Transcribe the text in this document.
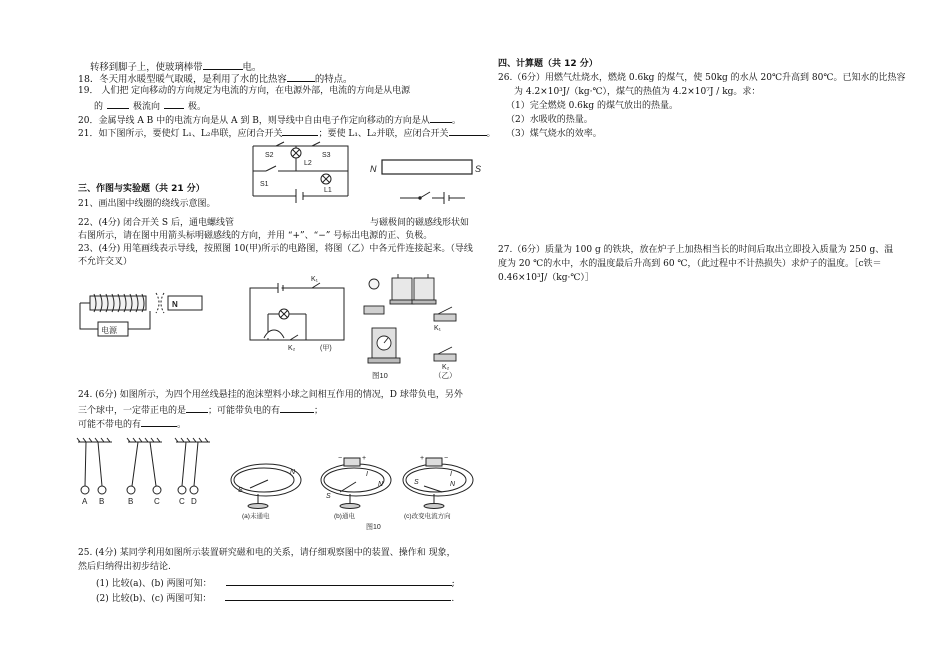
转移到脚子上，使玻璃棒带	电。
18．冬天用水暖型暖气取暖，是利用了水的比热容	的特点。
19． 人们把 定向移动的方向规定为电流的方向，在电源外部，电流的方向是从电源
的	极流向	极。
20．金属导线 A B 中的电流方向是从 A 到 B，则导线中自由电子作定向移动的方向是从 。
21．如下图所示，要使灯 L₁、L₂串联，应闭合开关	；要使 L₁、L₂并联，应闭合开关	。
S2	S3
L2
S1
L1
N	S
三、作图与实验题（共 21 分）
21、画出图中线圈的绕线示意图。
22、(4分) 闭合开关 S 后，通电螺线管	与磁极间的磁感线形状如
右图所示，请在图中用箭头标明磁感线的方向，并用 “+”、“−” 号标出电源的正、负极。
23、(4分) 用笔画线表示导线，按照图 10(甲)所示的电路图，将图（乙）中各元件连接起来。（导线
不允许交叉）
N
电源
K₁
K₂	(甲)
K₁
K₂
图10	（乙）
24. (6分) 如图所示，为四个用丝线悬挂的泡沫塑料小球之间相互作用的情况，D 球带负电，另外
三个球中，一定带正电的是 ；可能带负电的有	；
可能不带电的有	。
A B	B	C C D
N
S
−	+
I
N
S
+	−
I
N
S
(a)未通电	(b)通电	(c)改变电流方向
图10
25. (4分) 某同学利用如图所示装置研究磁和电的关系，请仔细观察图中的装置、操作和 现象，
然后归纳得出初步结论.
(1) 比较(a)、(b) 两图可知：	;
(2) 比较(b)、(c) 两图可知：	.
四、计算题（共 12 分）
26.（6分）用燃气灶烧水，燃烧 0.6kg 的煤气，使 50kg 的水从 20℃升高到 80℃。已知水的比热容
为 4.2×10³J/（kg·℃），煤气的热值为 4.2×10⁷J / kg。求：
（1）完全燃烧 0.6kg 的煤气放出的热量。
（2）水吸收的热量。
（3）煤气烧水的效率。
27.（6分）质量为 100 g 的铁块，放在炉子上加热相当长的时间后取出立即投入质量为 250 g、温
度为 20 ℃的水中，水的温度最后升高到 60 ℃，（此过程中不计热损失）求炉子的温度。［c铁＝
0.46×10³J/（kg·℃）］
